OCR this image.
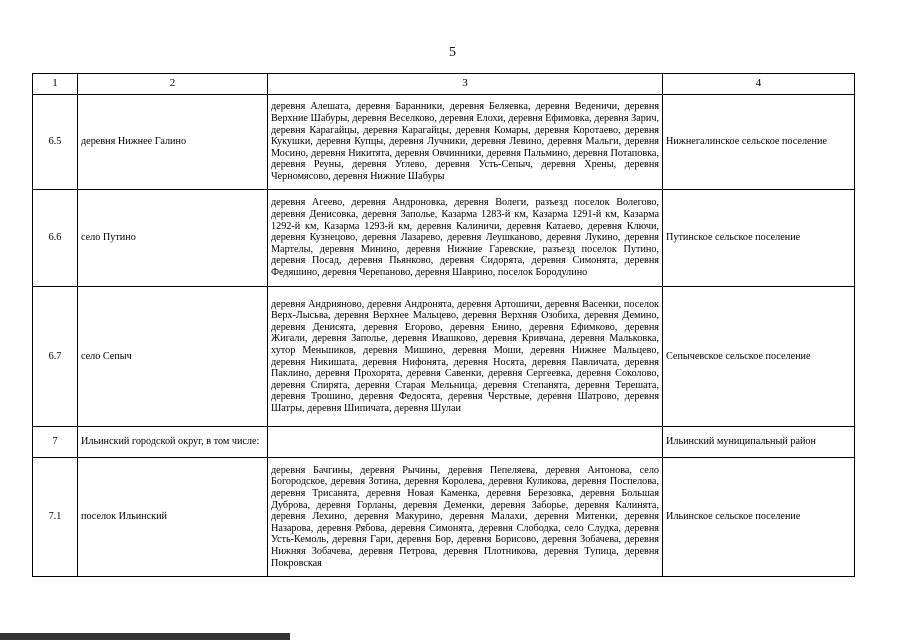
5
1	2	3	4
6.5	деревня Нижнее Галино	деревня Алешата, деревня Баранники, деревня Беляевка, деревня Веденичи, деревня Верхние Шабуры, деревня Веселково, деревня Елохи, деревня Ефимовка, деревня Зарич, деревня Карагайцы, деревня Карагайцы, деревня Комары, деревня Коротаево, деревня Кукушки, деревня Купцы, деревня Лучники, деревня Левино, деревня Мальги, деревня Мосино, деревня Никитята, деревня Овчинники, деревня Пальмино, деревня Потаповка, деревня Реуны, деревня Углево, деревня Усть-Сепыч, деревня Хрены, деревня Черномясово, деревня Нижние Шабуры	Нижнегалинское сельское поселение
6.6	село Путино	деревня Агеево, деревня Андроновка, деревня Волеги, разъезд поселок Волегово, деревня Денисовка, деревня Заполье, Казарма 1283-й км, Казарма 1291-й км, Казарма 1292-й км, Казарма 1293-й км, деревня Калиничи, деревня Катаево, деревня Ключи, деревня Кузнецово, деревня Лазарево, деревня Леушканово, деревня Лукино, деревня Мартелы, деревня Минино, деревня Нижние Гаревские, разъезд поселок Путино, деревня Посад, деревня Пьянково, деревня Сидорята, деревня Симонята, деревня Федяшино, деревня Черепаново, деревня Шаврино, поселок Бородулино	Путинское сельское поселение
6.7	село Сепыч	деревня Андрияново, деревня Андронята, деревня Артошичи, деревня Васенки, поселок Верх-Лысьва, деревня Верхнее Мальцево, деревня Верхняя Озобиха, деревня Демино, деревня Денисята, деревня Егорово, деревня Енино, деревня Ефимково, деревня Жигали, деревня Заполье, деревня Ивашково, деревня Кривчана, деревня Мальковка, хутор Меньшиков, деревня Мишино, деревня Моши, деревня Нижнее Мальцево, деревня Никишата, деревня Нифонята, деревня Носята, деревня Павличата, деревня Паклино, деревня Прохорята, деревня Савенки, деревня Сергеевка, деревня Соколово, деревня Спирята, деревня Старая Мельница, деревня Степанята, деревня Терешата, деревня Трошино, деревня Федосята, деревня Черствые, деревня Шатрово, деревня Шатры, деревня Шипичата, деревня Шулаи	Сепычевское сельское поселение
7	Ильинский городской округ, в том числе:		Ильинский муниципальный район
7.1	поселок Ильинский	деревня Бачгины, деревня Рычины, деревня Пепеляева, деревня Антонова, село Богородское, деревня Зотина, деревня Королева, деревня Куликова, деревня Поспелова, деревня Трисанята, деревня Новая Каменка, деревня Березовка, деревня Большая Дуброва, деревня Горланы, деревня Деменки, деревня Заборье, деревня Калинята, деревня Лехино, деревня Макурино, деревня Малахи, деревня Митенки, деревня Назарова, деревня Рябова, деревня Симонята, деревня Слободка, село Слудка, деревня Усть-Кемоль, деревня Гари, деревня Бор, деревня Борисово, деревня Зобачева, деревня Нижняя Зобачева, деревня Петрова, деревня Плотникова, деревня Тупица, деревня Покровская	Ильинское сельское поселение
